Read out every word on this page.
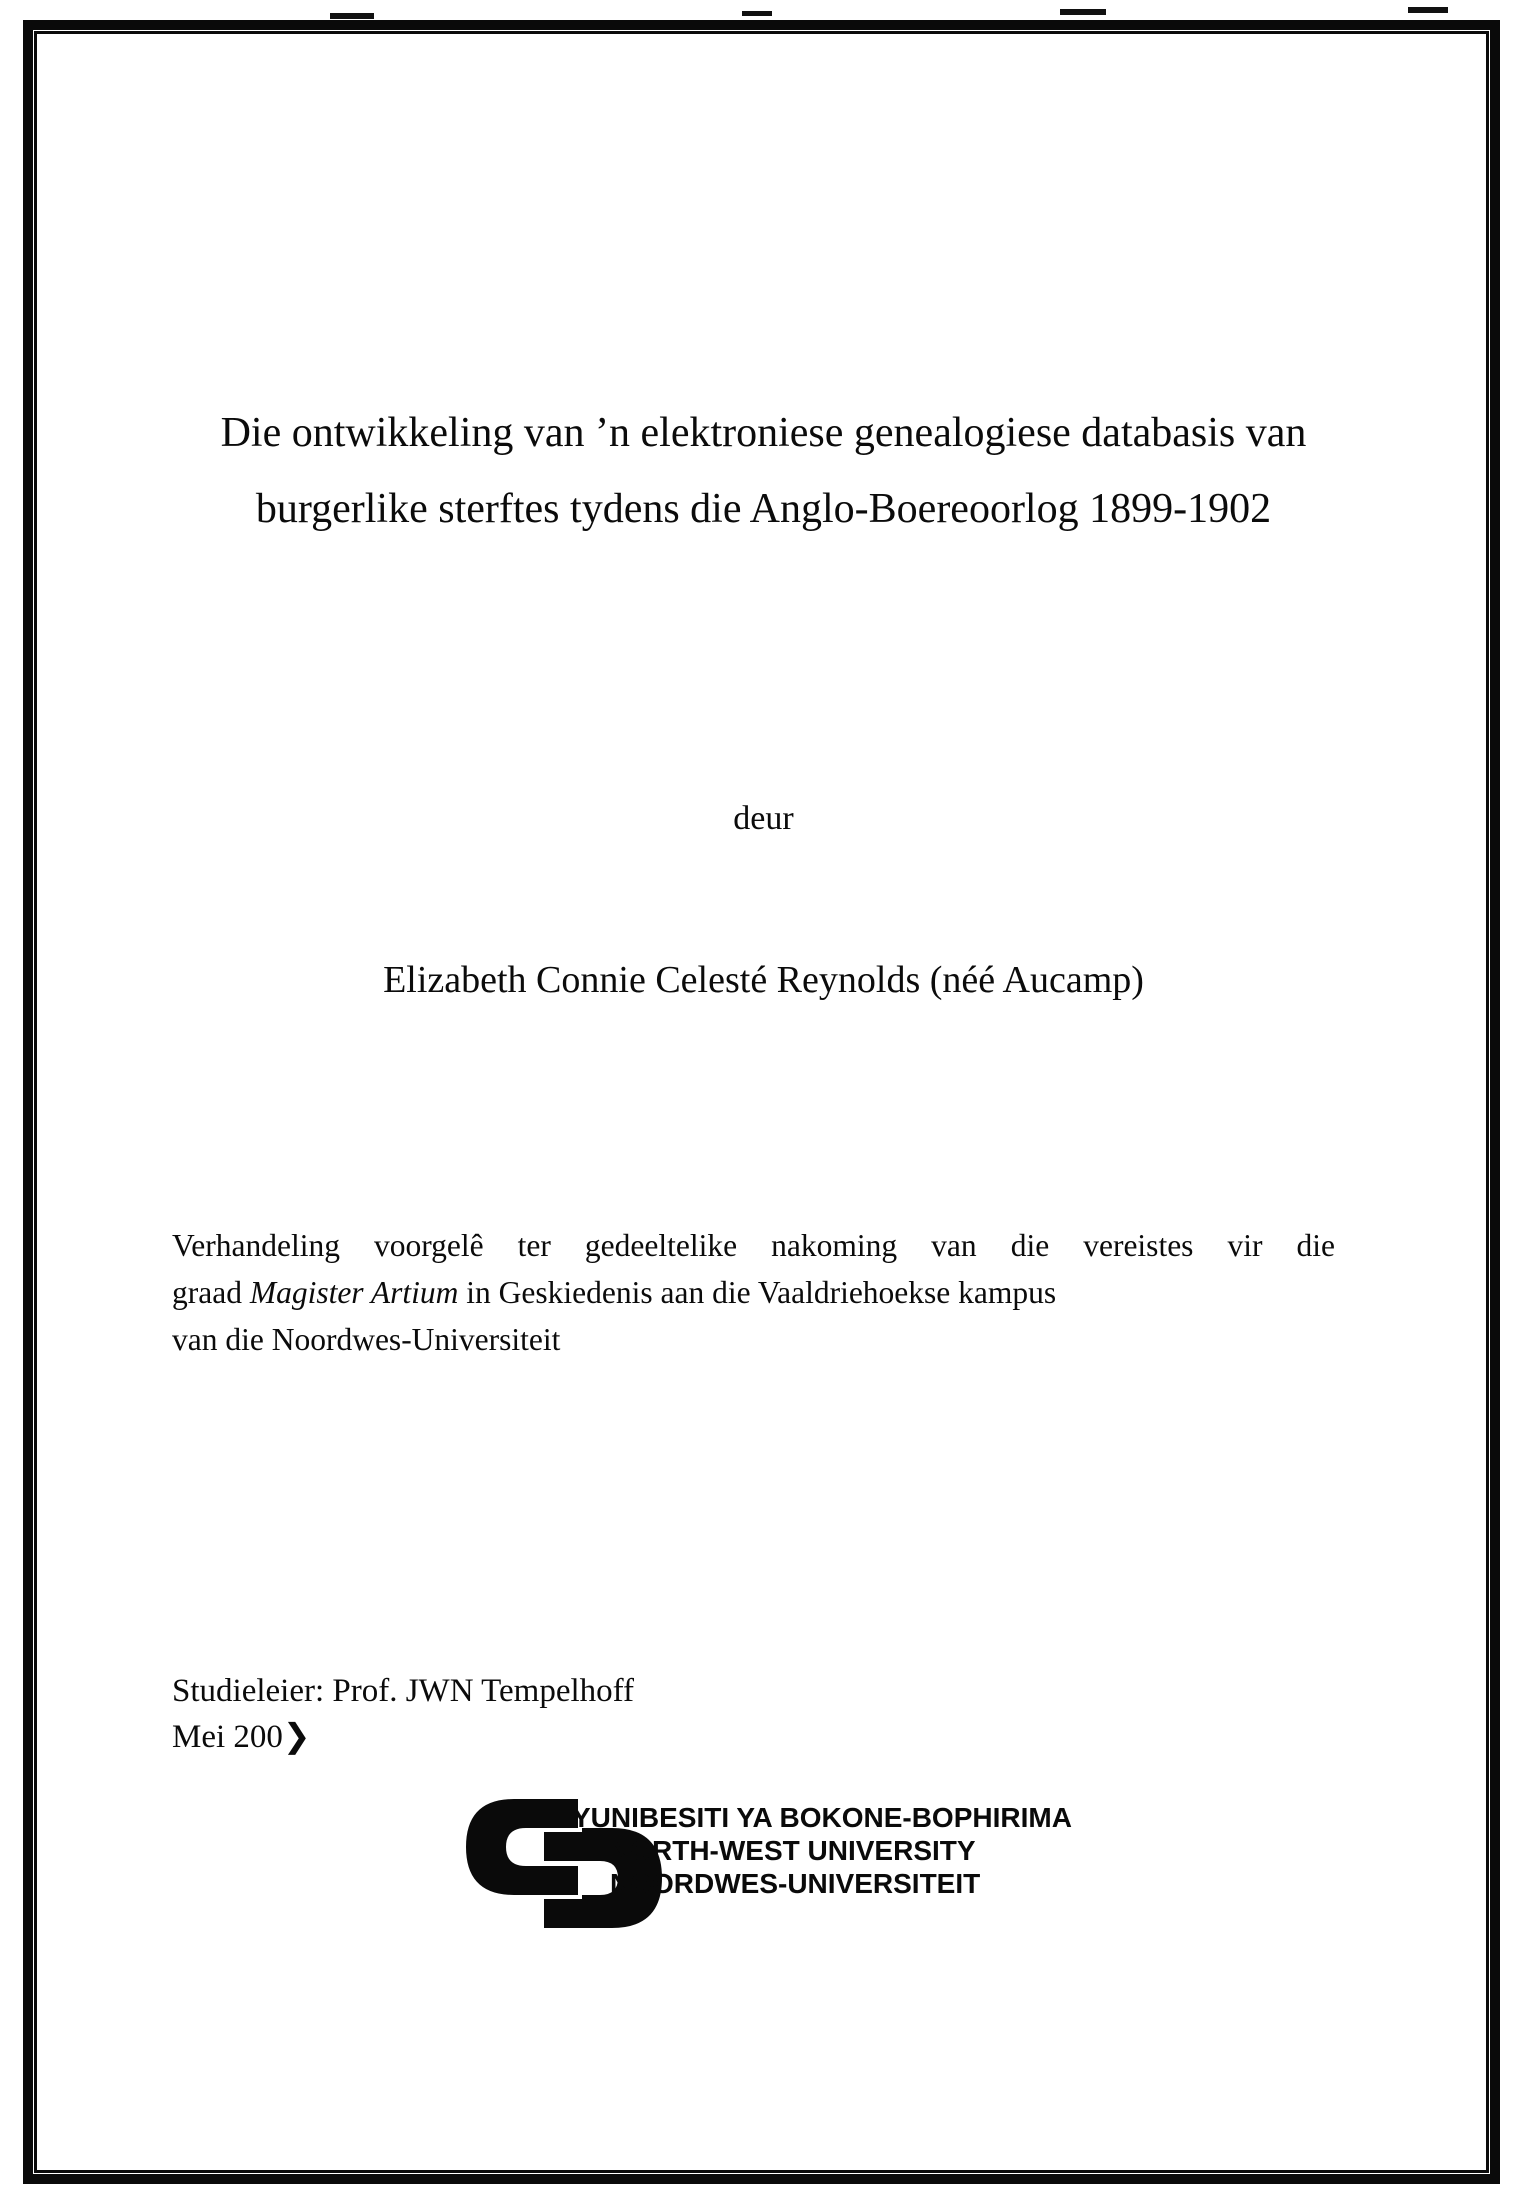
Die ontwikkeling van ’n elektroniese genealogiese databasis van
burgerlike sterftes tydens die Anglo-Boereoorlog 1899-1902
deur
Elizabeth Connie Celesté Reynolds (néé Aucamp)
Verhandeling voorgelê ter gedeeltelike nakoming van die vereistes vir die
graad Magister Artium in Geskiedenis aan die Vaaldriehoekse kampus
van die Noordwes-Universiteit
Studieleier: Prof. JWN Tempelhoff
Mei 200❯
YUNIBESITI YA BOKONE-BOPHIRIMA
NORTH-WEST UNIVERSITY
NOORDWES-UNIVERSITEIT
